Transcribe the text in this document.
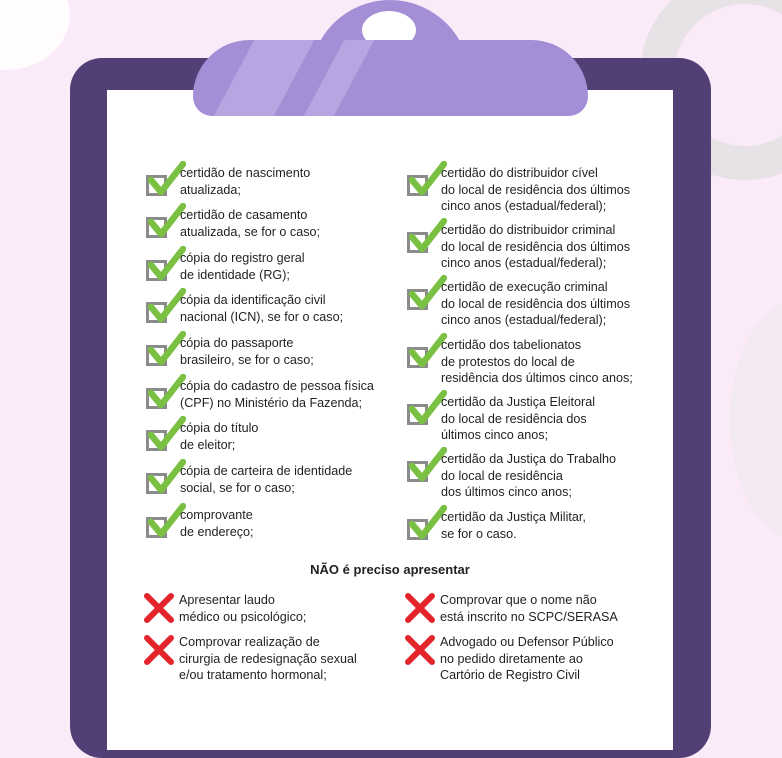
certidão de nascimento
atualizada;
certidão de casamento
atualizada, se for o caso;
cópia do registro geral
de identidade (RG);
cópia da identificação civil
nacional (ICN), se for o caso;
cópia do passaporte
brasileiro, se for o caso;
cópia do cadastro de pessoa física
(CPF) no Ministério da Fazenda;
cópia do título
de eleitor;
cópia de carteira de identidade
social, se for o caso;
comprovante
de endereço;
certidão do distribuidor cível
do local de residência dos últimos
cinco anos (estadual/federal);
certidão do distribuidor criminal
do local de residência dos últimos
cinco anos (estadual/federal);
certidão de execução criminal
do local de residência dos últimos
cinco anos (estadual/federal);
certidão dos tabelionatos
de protestos do local de
residência dos últimos cinco anos;
certidão da Justiça Eleitoral
do local de residência dos
últimos cinco anos;
certidão da Justiça do Trabalho
do local de residência
dos últimos cinco anos;
certidão da Justiça Militar,
se for o caso.
NÃO é preciso apresentar
Apresentar laudo
médico ou psicológico;
Comprovar realização de
cirurgia de redesignação sexual
e/ou tratamento hormonal;
Comprovar que o nome não
está inscrito no SCPC/SERASA
Advogado ou Defensor Público
no pedido diretamente ao
Cartório de Registro Civil
